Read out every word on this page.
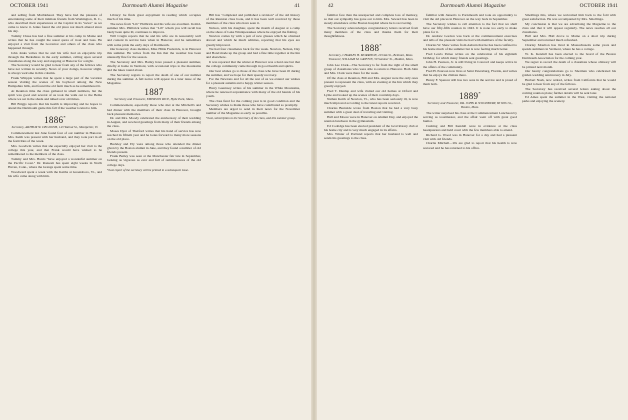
OCTOBER 1941	Dartmouth Alumni Magazine	41

and selling from Marblehead. They have had the pleasure of entertaining some of their intimate friends from Washington, D. C., who described their experiences at the Capitol in its "news" as we came to know it. Jenks found the old place not much altered since his day.

Tommy Chase has had a fine summer at his camp in Maine and writes that he has caught the usual quota of trout and bass. He enjoyed a visit from the Governor and others of the class who happened through.

John Jenks writes that he and his wife had an enjoyable trip through the Berkshires in the early summer, calling upon several classmates along the way and stopping at Hanover for a night.

The Secretary would be glad to hear from any of the fellows who have not written in recently. News of your doings, however slight, is always welcome in this column.

Frank Whipple writes that he spent a large part of the vacation season visiting the scenes of his boyhood among the New Hampshire hills, and found the old farm much as he remembered it.

At Reunion time the class gathered in small numbers, but the spirit was good and several of us took the walk out to the Bema where we sat in the shade and talked over old times.

Bill Briggs reports that his health is improving and he hopes to attend the Dartmouth game this fall if the weather is kind to him.

1886*
Secretary, ARTHUR W. DEGOOSH, 143 Walnut St., Montpelier, Vt.

Commencement last June found four of our number in Hanover. Mrs. Keith was present with her husband, and they took part in all the festivities of the week.

Mrs. Goodwin writes that she especially enjoyed her visit to the college this year, and that Frank would have wished to be remembered to the members of the class.

Tommy and Mrs. Harris "have enjoyed a wonderful summer on the Pacific Coast." Dr. Ransom has spent eight weeks in North Haven, Conn., where the Grange spent some time.

Woodward spent a week with the Keiths at Greensboro, Vt., and his wife came along with him.

Library: he finds great enjoyment in reading which occupies much of his time.

The news from "Lib" Philbrick and his wife are excellent. In mid-summer Mrs. Philbrick writes that "Lib" whom you will recall has lately been quite ill, continues to improve.

Will Crugin reports that he and his wife are in reasonably well and content in service here when in Hanover, and he remembers with some pride the early days of Dartmouth.

Our honorary class member, Miss Hilda Frederick, is in Hanover this summer. He writes from the Inn that the weather has been unusually fine for the season.

The Secretary and Mrs. Bailey have passed a pleasant summer, chiefly at home in Vermont, with occasional trips to the mountains and the lakes round about.

The Secretary regrets to report the death of one of our number during the summer. A full notice will appear in a later issue of the Magazine.

1887
Secretary and Treasurer, EMERSON RICE, Hyde Park, Mass.

Commencement, especially those who met at the Mitchell's and had dinner with the members of their class in Hanover, brought back pleasant memories.

Dr. and Mrs. Moody celebrated the anniversary of their wedding in August, and received greetings from many of their friends among the class.

Moses Dyer of Thetford writes that his hand of service has now reached its fiftieth year and he looks forward to many more seasons on the old place.

Buckley and Ely were among those who attended the dinner given by the Boston alumni in June, and they found a number of old friends present.

Frank Bailey was seen at the Manchester fair late in September, looking as vigorous as ever and full of reminiscences of the old college days.

*Last report of the secretary will be printed in a subsequent issue.

Bill has "completed and published a revision" of the old history of the Reunion class book, and it has been well received by those members of the class who have seen it.

Nelson, with his daughter, spent the month of August at a camp on the shore of Lake Winnipesaukee where he enjoyed the fishing.

Newton comes by with a pair of new glasses which he obtained abroad and which he much admires, reporting that his eyes are greatly improved.

We had four classmates back for the week. Newton, Nelson, Day and Bond made up the group and had a fine time together at the Inn and elsewhere.

It was reported that the winter at Hanover was a hard one but that the college community came through in good health and spirits.

Our best wishes go to those of the class who have been ill during the summer, and we hope for their speedy recovery.

For the Newtons and for all the rest of us we extend our wishes for a pleasant autumn and a happy winter season.

Harry Guernsey writes of his summer in the White Mountains, where he renewed acquaintance with many of the old haunts of his youth.

The class fund for the coming year is in good condition and the Secretary wishes to thank those who have contributed so promptly.

Members are urged to send in their news for the November number of the Magazine as early as possible.

*Last, subscription to the Secretary of the class, and this summer group.
42	Dartmouth Alumni Magazine	OCTOBER 1941

familiar face than the unexpected and complete loss of memory, so that our sympathy has gone out to him. Mrs. Seward has been in steady attendance at the Boston hospital where he is recovering.

The Secretary acknowledges congratulatory letters received from many members of the class and thanks them for their thoughtfulness.

1888*
Secretary, CHARLES H. MORRISON, 20 Oak St., Belmont, Mass. Treasurer, WILLIAM M. GRIFFIN, 59 Summer St., Malden, Mass.

John Lee Clark—The Secretary is far from the right of the small group of classmates who were able to return to Hanover. Both John and Mrs. Clark were there for the week.

Of the class at Reunion, Bill and Mrs. August were the only ones present to represent the class, with an evening at the Inn which they greatly enjoyed.

Fred T. Dunlap and wife visited our old homes at Orford and Lyme and looked up the scenes of their courtship days.

Nathan Keith of Newton, Vt., who has been seriously ill, is now much improved according to the latest reports received.

Charles Burnside wrote from Boston that he had a very busy summer with a great deal of traveling and visiting.

Hall and Moore were in Hanover on Alumni Day, and enjoyed the reunion luncheon in the gymnasium.

Ed Coolidge has been elected president of the local Rotary club at his home city and is very much engaged in its affairs.

Mrs. Winter of Portland reports that her husband is well and sends his greetings to the class.

familiar with Jansen's to Portsmouth and took an opportunity to visit the old places in Hanover on the way back in September.

The Secretary wishes to call attention to the fact that we shall have our fifty-fifth reunion in 1943. It is none too early to make plans for it.

Dr. Andrew Gordon was back at the commencement exercises and tells of the pleasant visits he had with members of the faculty.

Charles W. Shaw writes from Auburn that he has been confined to his home much of the summer but is now feeling much better.

Fred Lewis Pattee writes on the celebration of his eightieth birthday, for which many friends sent greetings.

John H. Pearson, Jr. is still living in Concord and keeps active in the affairs of the community.

Fred H. Pearson now lives at Saint Petersburg, Florida, and writes that he enjoys the climate there.

Henry F. Spencer still has two sons in the service and is proud of them both.

1889*
Secretary and Treasurer, DR. JOHN R. WOODBURY, 80 Wills St., Boston, Mass.

The writer surprised his class at the Commencement Luncheon by serving as toastmaster, and the affair went off with great good humor.

Cushing and Bill Kendall were in evidence at the class headquarters and held court with the few members able to attend.

Richard G. Wood was in Hanover for a day and had a pleasant visit with old friends.

Charlie Mitchell—We are glad to report that his health is now restored and he has returned to his office.

Smollinga this, where we welcomed him back to the fold with great satisfaction. He was accompanied by Mrs. Smollinga.

My conclusion is that we are advertising the Magazine to the class and that it will appear regularly. The news reaches all our classmates.

Hall and Mrs. Hall drove to Maine on a short trip during September and returned much refreshed.

Charley Moulton has lived in Massachusetts some years and spends summers in Vermont, where he has a cottage.

W. K. Kendall has been elected to the board of the Boston Dartmouth Association for the coming year.

We regret to record the death of a classmate whose obituary will be printed next month.

Our hearty congratulations go to Sherman who celebrated his golden wedding anniversary in July.

Herbert Nash, now retired, writes from California that he would be glad to hear from any of the fellows.

The Secretary has received several letters asking about the coming reunion plans; further details will be sent later.

Ed Ames spent the summer in the West, visiting the national parks and enjoying the scenery.
